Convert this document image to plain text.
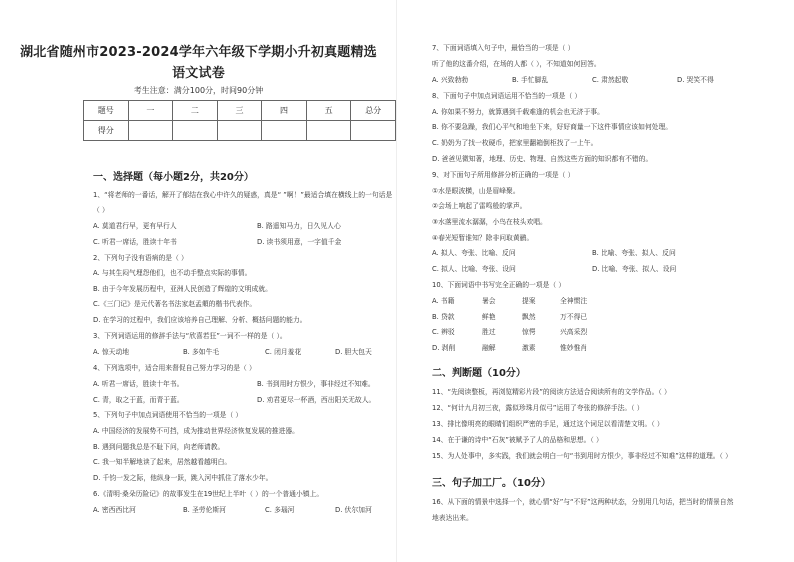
湖北省随州市2023-2024学年六年级下学期小升初真题精选
语文试卷
考生注意：满分100分，时间90分钟
题号	一	二	三	四	五	总分
得分						
一、选择题（每小题2分，共20分）
1、“将老师的一番话，解开了郁结在我心中许久的疑惑，真是“ ”啊！”最适合填在横线上的一句话是
（ ）
A. 莫道君行早，更有早行人	B. 路遥知马力，日久见人心
C. 听君一席话，胜读十年书	D. 读书须用意，一字值千金
2、下列句子没有语病的是（ ）
A. 与其生闷气埋怨他们，也不动手整点实际的事情。
B. 由于今年发展历程中，亚洲人民创造了辉煌的文明成就。
C.《三门记》是元代著名书法家赵孟頫的楷书代表作。
D. 在学习的过程中，我们应该培养自己理解、分析、概括问题的能力。
3、下列词语运用的修辞手法与“欣喜若狂”一词不一样的是（ ）。
A. 惊天动地	B. 多如牛毛	C. 闭月羞花	D. 胆大包天
4、下列选项中，适合用来督促自己努力学习的是（ ）
A. 听君一席话，胜读十年书。	B. 书到用时方恨少，事非经过不知难。
C. 青，取之于蓝，而青于蓝。	D. 劝君更尽一杯酒，西出阳关无故人。
5、下列句子中加点词语使用不恰当的一项是（ ）
A. 中国经济的发展势不可挡，成为推动世界经济恢复发展的推进器。
B. 遇到问题我总是不耻下问，向老师请教。
C. 我一知半解地读了起来，居然越看越明白。
D. 千钧一发之际，他纵身一跃，跳入河中抓住了落水少年。
6.《清明·桑朵历险记》的故事发生在19世纪上半叶（ ）的一个普通小镇上。
A. 密西西比河	B. 圣劳伦斯河	C. 多瑙河	D. 伏尔加河
7、下面词语填入句子中，最恰当的一项是（ ）
听了他的这番介绍，在场的人都（ ），不知道如何回答。
A. 兴致勃勃	B. 手忙脚乱	C. 肃然起敬	D. 哭笑不得
8、下面句子中加点词语运用不恰当的一项是（ ）
A. 你如果不努力，就算遇到千载难逢的机会也无济于事。
B. 你不要急躁，我们心平气和地坐下来，好好商量一下这件事情应该如何处理。
C. 奶奶为了找一枚硬币，把家里翻箱倒柜找了一上午。
D. 爸爸见微知著，地理、历史、物理、自然这些方面的知识都有不错的。
9、对下面句子所用修辞分析正确的一项是（ ）
①水是眼波横，山是眉峰聚。
②会场上响起了雷鸣般的掌声。
③水落里流水潺潺，小鸟在枝头欢唱。
④春光短暂谁知？除非问取黄鹂。
A. 拟人、夸张、比喻、反问	B. 比喻、夸张、拟人、反问
C. 拟人、比喻、夸张、设问	D. 比喻、夸张、拟人、设问
10、下面词语中书写完全正确的一项是（ ）
A. 书籍	暑会	提案	全神惯注
B. 贷款	鲜艳	飘然	万不得已
C. 辨驳	胜过	惊愕	兴高采烈
D. 剥削	融解	激素	惟妙惟肖
二、判断题（10分）
11、“先阅读整板，再浏览精彩片段”的阅读方法适合阅读所有的文学作品。（ ）
12、“何计九月初三夜，露似珍珠月似弓”运用了夸张的修辞手法。（ ）
13、排比像明亮的眼睛们组织严密的手足，通过这个词足以看清楚文明。（ ）
14、在于谦的诗中“石灰”被赋予了人的品格和思想。（ ）
15、为人处事中，多实践，我们就会明白一句“书到用时方恨少，事非经过不知难”这样的道理。（ ）
三、句子加工厂。（10分）
16、从下面的情景中选择一个，就心情“好”与“不好”这两种状态，分别用几句话，把当时的情景自然
地表达出来。
